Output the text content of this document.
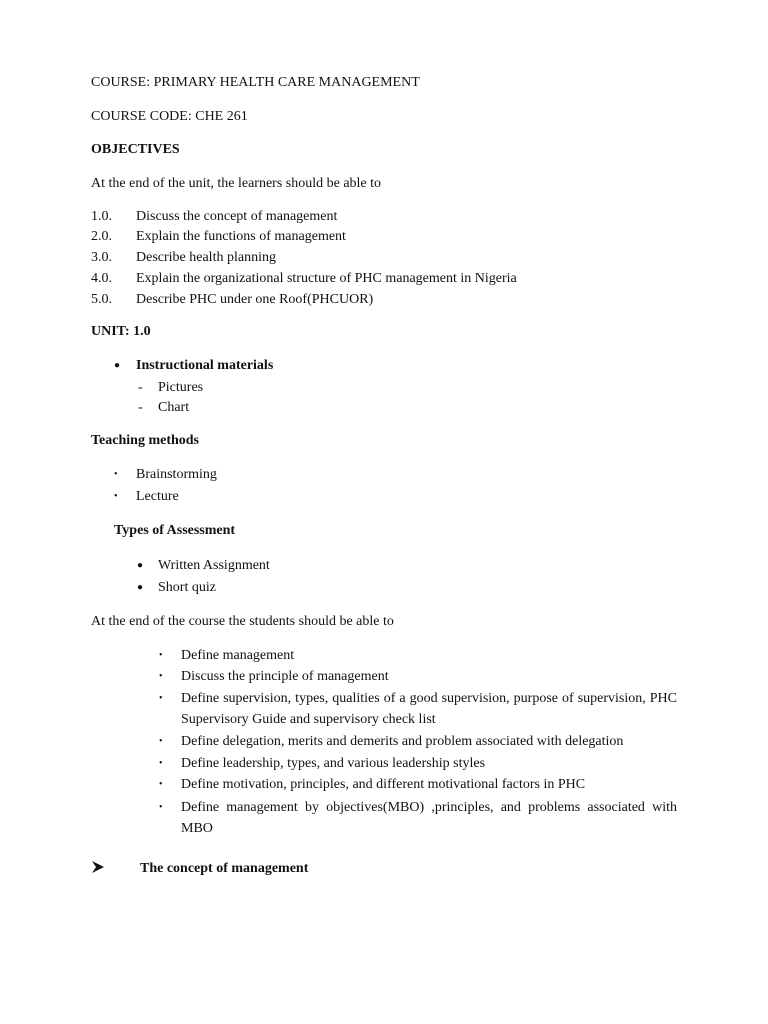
COURSE: PRIMARY HEALTH CARE MANAGEMENT
COURSE CODE: CHE 261
OBJECTIVES
At the end of the unit, the learners should be able to
1.0.	Discuss the concept of management
2.0.	Explain the functions of management
3.0.	Describe health planning
4.0.	Explain the organizational structure of PHC management in Nigeria
5.0.	Describe PHC under one Roof(PHCUOR)
UNIT: 1.0
● Instructional materials
- Pictures
- Chart
Teaching methods
• Brainstorming
• Lecture
Types of Assessment
● Written Assignment
● Short quiz
At the end of the course the students should be able to
• Define management
• Discuss the principle of management
• Define supervision, types, qualities of a good supervision, purpose of supervision, PHC Supervisory Guide and supervisory check list
• Define delegation, merits and demerits and problem associated with delegation
• Define leadership, types, and various leadership styles
• Define motivation, principles, and different motivational factors in PHC
• Define management by objectives(MBO) ,principles, and problems associated with MBO
The concept of management
